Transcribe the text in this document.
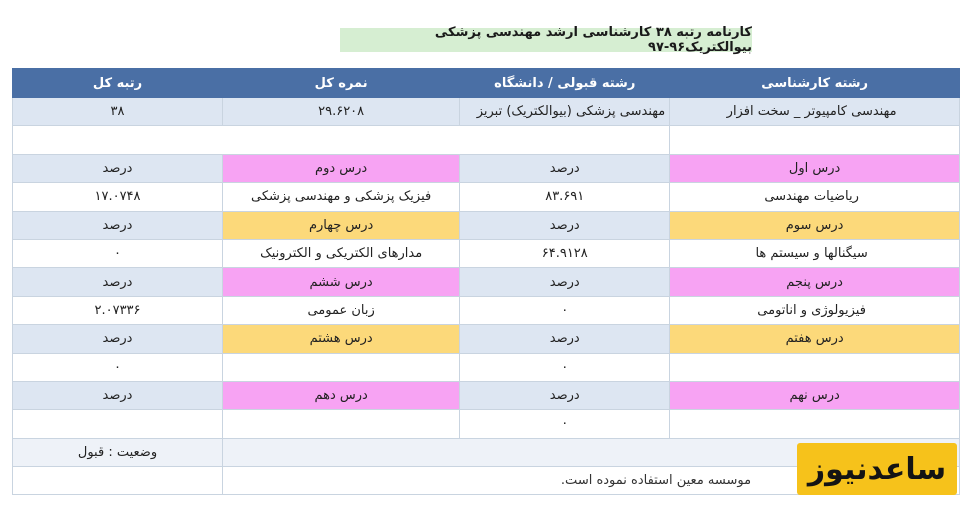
کارنامه رتبه ۳۸ کارشناسی ارشد مهندسی پزشکی بیوالکتریک۹۶-۹۷
رشته کارشناسی	رشته قبولی / دانشگاه	نمره کل	رتبه کل
مهندسی کامپیوتر _ سخت افزار	مهندسی پزشکی (بیوالکتریک) تبریز	۲۹.۶۲۰۸	۳۸

درس اول	درصد	درس دوم	درصد
ریاضیات مهندسی	۸۳.۶۹۱	فیزیک پزشکی و مهندسی پزشکی	۱۷.۰۷۴۸
درس سوم	درصد	درس چهارم	درصد
سیگنالها و سیستم ها	۶۴.۹۱۲۸	مدارهای الکتریکی و الکترونیک	۰
درس پنجم	درصد	درس ششم	درصد
فیزیولوژی و اناتومی	۰	زبان عمومی	۲.۰۷۳۳۶
درس هفتم	درصد	درس هشتم	درصد
	۰		۰
درس نهم	درصد	درس دهم	درصد
	۰		
			وضعیت : قبول
موسسه معین استفاده نموده است.				ساعدنیوز
